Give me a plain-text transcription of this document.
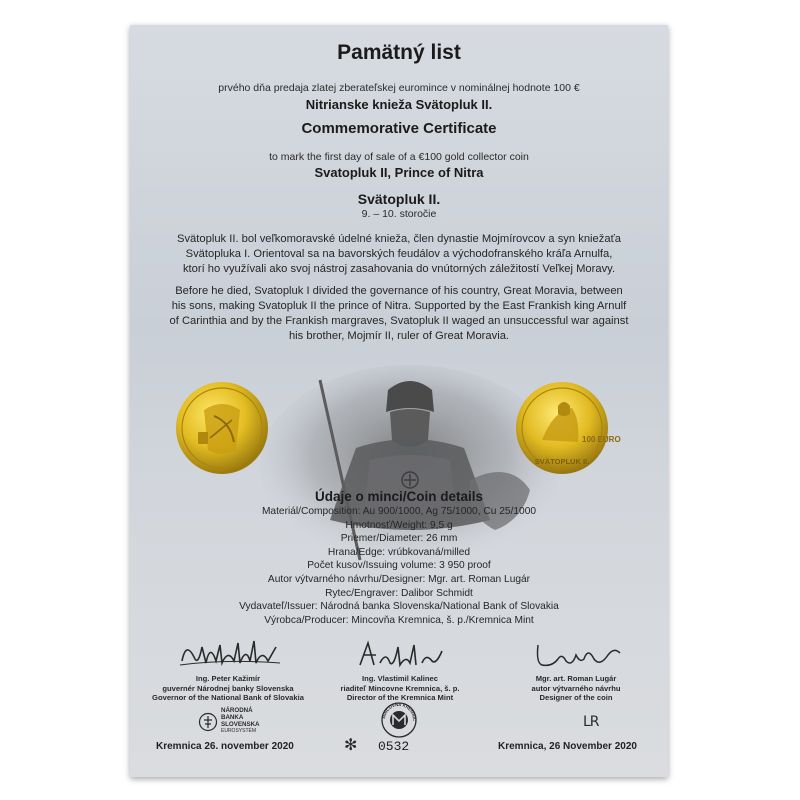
Pamätný list
prvého dňa predaja zlatej zberateľskej euromince v nominálnej hodnote 100 €
Nitrianske knieža Svätopluk II.
Commemorative Certificate
to mark the first day of sale of a €100 gold collector coin
Svatopluk II, Prince of Nitra
Svätopluk II.
9. – 10. storočie
Svätopluk II. bol veľkomoravské údelné knieža, člen dynastie Mojmírovcov a syn kniežaťa
Svätopluka I. Orientoval sa na bavorských feudálov a východofranského kráľa Arnulfa,
ktorí ho využívali ako svoj nástroj zasahovania do vnútorných záležitostí Veľkej Moravy.
Before he died, Svatopluk I divided the governance of his country, Great Moravia, between
his sons, making Svatopluk II the prince of Nitra. Supported by the East Frankish king Arnulf
of Carinthia and by the Frankish margraves, Svatopluk II waged an unsuccessful war against
his brother, Mojmír II, ruler of Great Moravia.
100 EURO
SVÄTOPLUK II.
Údaje o minci/Coin details
Materiál/Composition: Au 900/1000, Ag 75/1000, Cu 25/1000
Hmotnosť/Weight: 9,5 g
Priemer/Diameter: 26 mm
Hrana/Edge: vrúbkovaná/milled
Počet kusov/Issuing volume: 3 950 proof
Autor výtvarného návrhu/Designer: Mgr. art. Roman Lugár
Rytec/Engraver: Dalibor Schmidt
Vydavateľ/Issuer: Národná banka Slovenska/National Bank of Slovakia
Výrobca/Producer: Mincovňa Kremnica, š. p./Kremnica Mint
Ing. Peter Kažimír
guvernér Národnej banky Slovenska
Governor of the National Bank of Slovakia
Ing. Vlastimil Kalinec
riaditeľ Mincovne Kremnica, š. p.
Director of the Kremnica Mint
Mgr. art. Roman Lugár
autor výtvarného návrhu
Designer of the coin
NÁRODNÁ
BANKA
SLOVENSKA
EUROSYSTÉM
MINCOVŇA KREMNIC	LR
Kremnica 26. november 2020	✻ 0532	Kremnica, 26 November 2020
